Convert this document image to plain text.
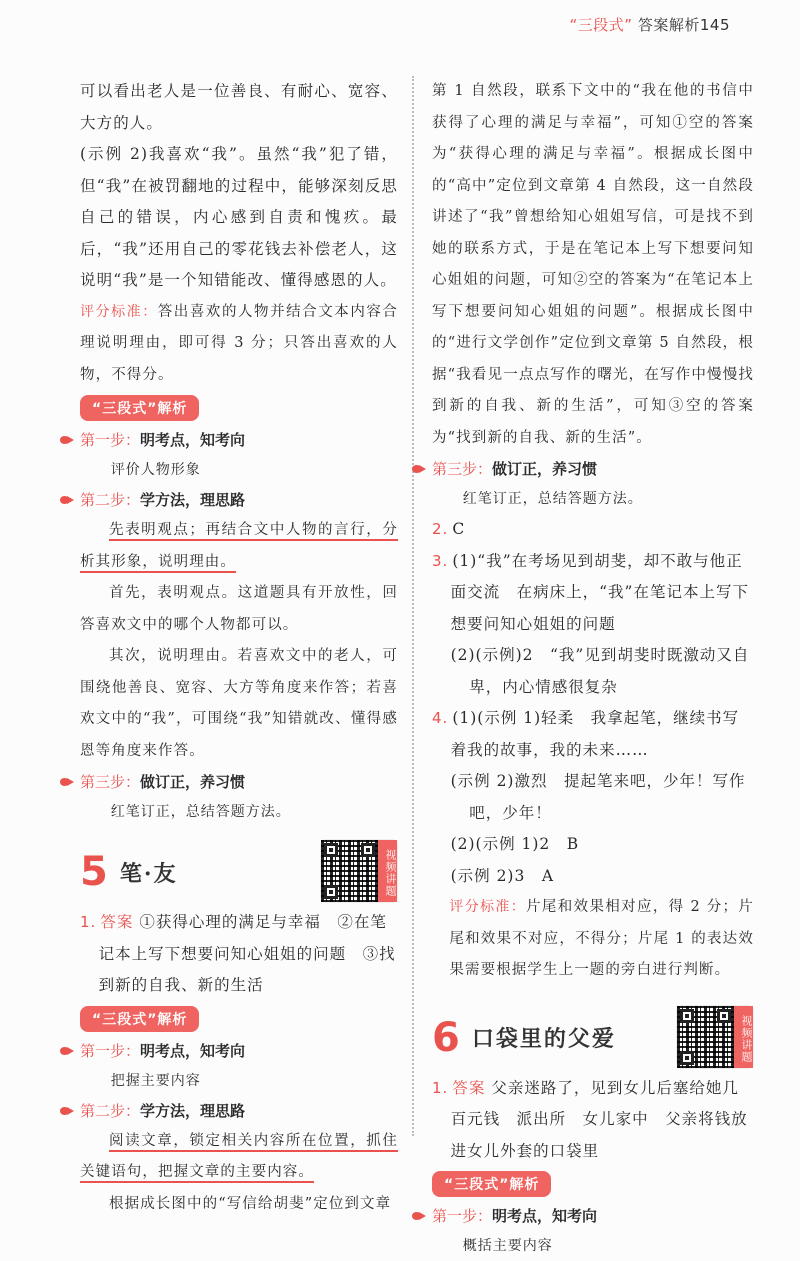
“三段式” 答案解析145

可以看出老人是一位善良、有耐心、宽容、大方的人。

(示例 2)我喜欢“我”。虽然“我”犯了错，但“我”在被罚翻地的过程中，能够深刻反思自己的错误，内心感到自责和愧疚。最后，“我”还用自己的零花钱去补偿老人，这说明“我”是一个知错能改、懂得感恩的人。

评分标准：答出喜欢的人物并结合文本内容合理说明理由，即可得 3 分；只答出喜欢的人物，不得分。

“三段式”解析
第一步：明考点，知考向
评价人物形象
第二步：学方法，理思路

先表明观点；再结合文中人物的言行，分析其形象，说明理由。

首先，表明观点。这道题具有开放性，回答喜欢文中的哪个人物都可以。

其次，说明理由。若喜欢文中的老人，可围绕他善良、宽容、大方等角度来作答；若喜欢文中的“我”，可围绕“我”知错就改、懂得感恩等角度来作答。

第三步：做订正，养习惯
红笔订正，总结答题方法。
5 笔·友	视频讲题

1. 答案 ①获得心理的满足与幸福　②在笔记本上写下想要问知心姐姐的问题　③找到新的自我、新的生活

“三段式”解析
第一步：明考点，知考向
把握主要内容
第二步：学方法，理思路

阅读文章，锁定相关内容所在位置，抓住关键语句，把握文章的主要内容。

根据成长图中的“写信给胡斐”定位到文章

第 1 自然段，联系下文中的“我在他的书信中获得了心理的满足与幸福”，可知①空的答案为“获得心理的满足与幸福”。根据成长图中的“高中”定位到文章第 4 自然段，这一自然段讲述了“我”曾想给知心姐姐写信，可是找不到她的联系方式，于是在笔记本上写下想要问知心姐姐的问题，可知②空的答案为“在笔记本上写下想要问知心姐姐的问题”。根据成长图中的“进行文学创作”定位到文章第 5 自然段，根据“我看见一点点写作的曙光，在写作中慢慢找到新的自我、新的生活”，可知③空的答案为“找到新的自我、新的生活”。

第三步：做订正，养习惯
红笔订正，总结答题方法。

2. C

3. (1)“我”在考场见到胡斐，却不敢与他正面交流　在病床上，“我”在笔记本上写下想要问知心姐姐的问题

(2)(示例)2　“我”见到胡斐时既激动又自卑，内心情感很复杂

4. (1)(示例 1)轻柔　我拿起笔，继续书写着我的故事，我的未来……

(示例 2)激烈　提起笔来吧，少年！写作吧，少年！

(2)(示例 1)2　B

(示例 2)3　A

评分标准：片尾和效果相对应，得 2 分；片尾和效果不对应，不得分；片尾 1 的表达效果需要根据学生上一题的旁白进行判断。

6 口袋里的父爱	视频讲题

1. 答案 父亲迷路了，见到女儿后塞给她几百元钱　派出所　女儿家中　父亲将钱放进女儿外套的口袋里

“三段式”解析
第一步：明考点，知考向
概括主要内容
